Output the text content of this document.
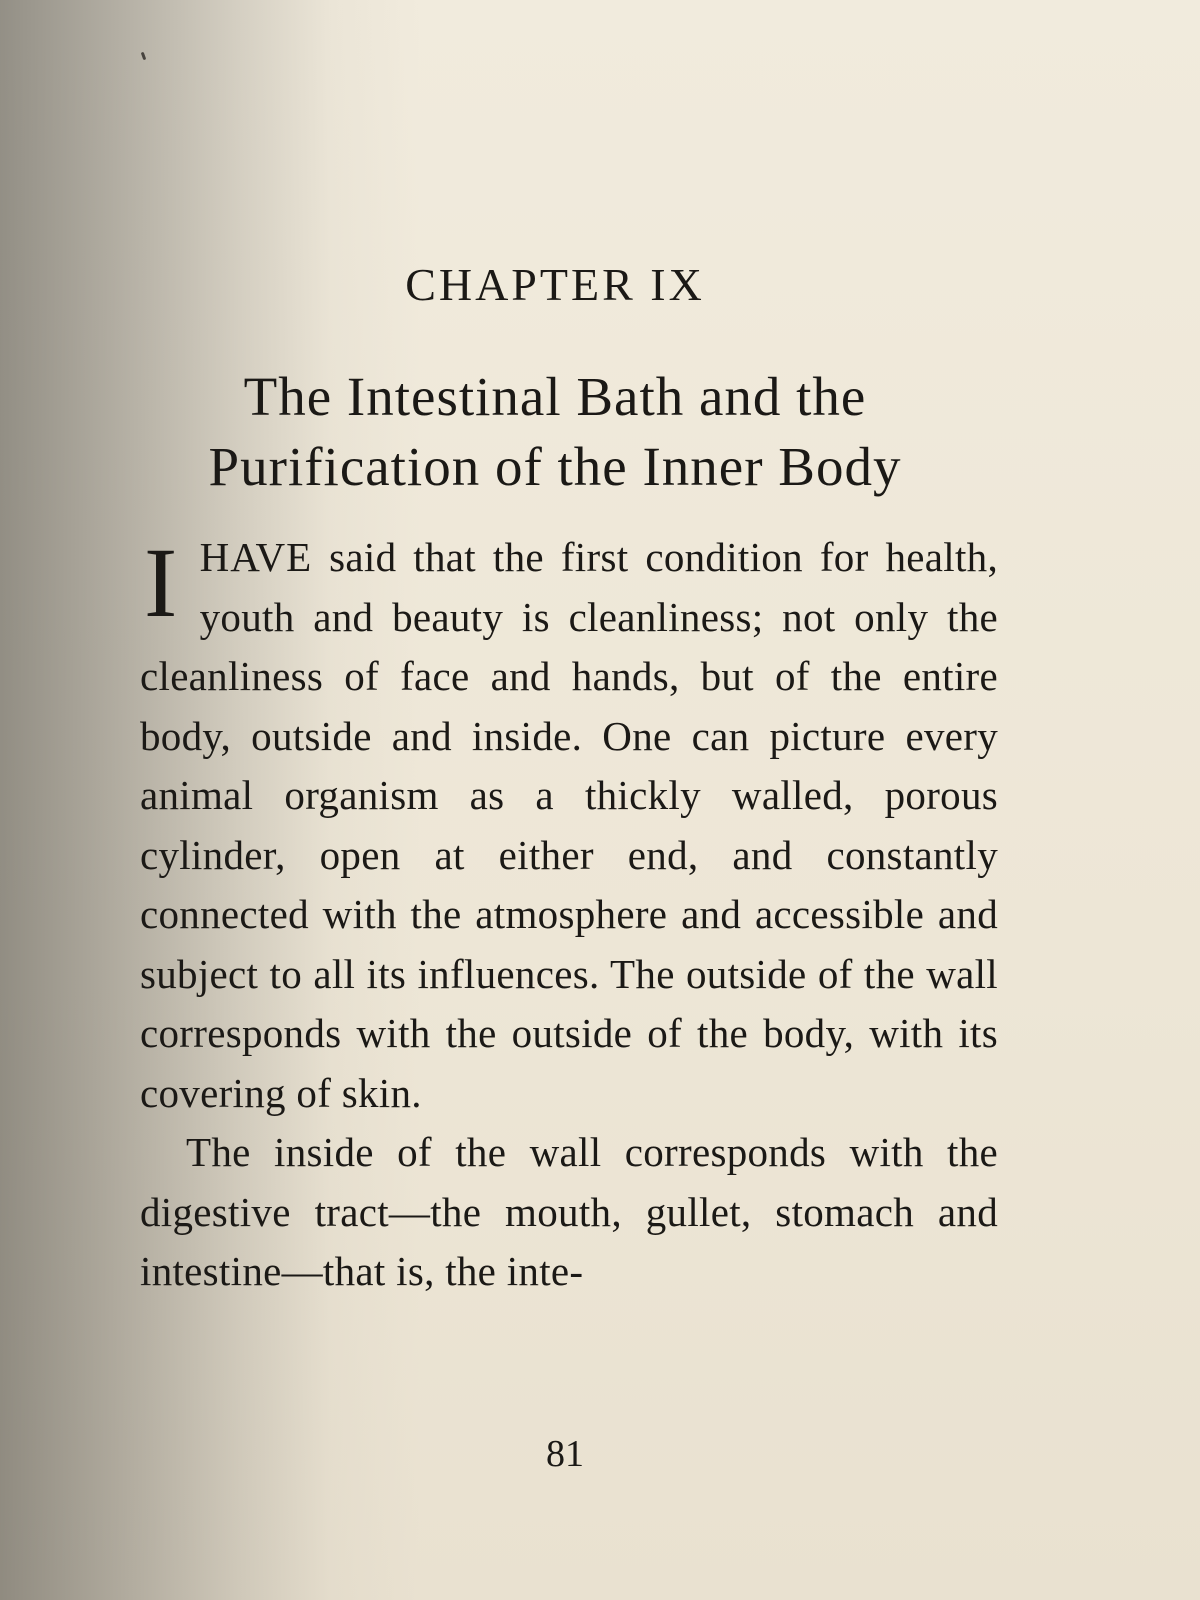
CHAPTER IX
The Intestinal Bath and the
Purification of the Inner Body

IHAVE said that the first condition for health, youth and beauty is cleanliness; not only the cleanliness of face and hands, but of the entire body, outside and inside. One can picture every animal organism as a thickly walled, porous cylinder, open at either end, and constantly connected with the atmosphere and accessible and subject to all its influences. The outside of the wall corresponds with the outside of the body, with its covering of skin.

The inside of the wall corresponds with the digestive tract—the mouth, gullet, stomach and intestine—that is, the inte-

81
